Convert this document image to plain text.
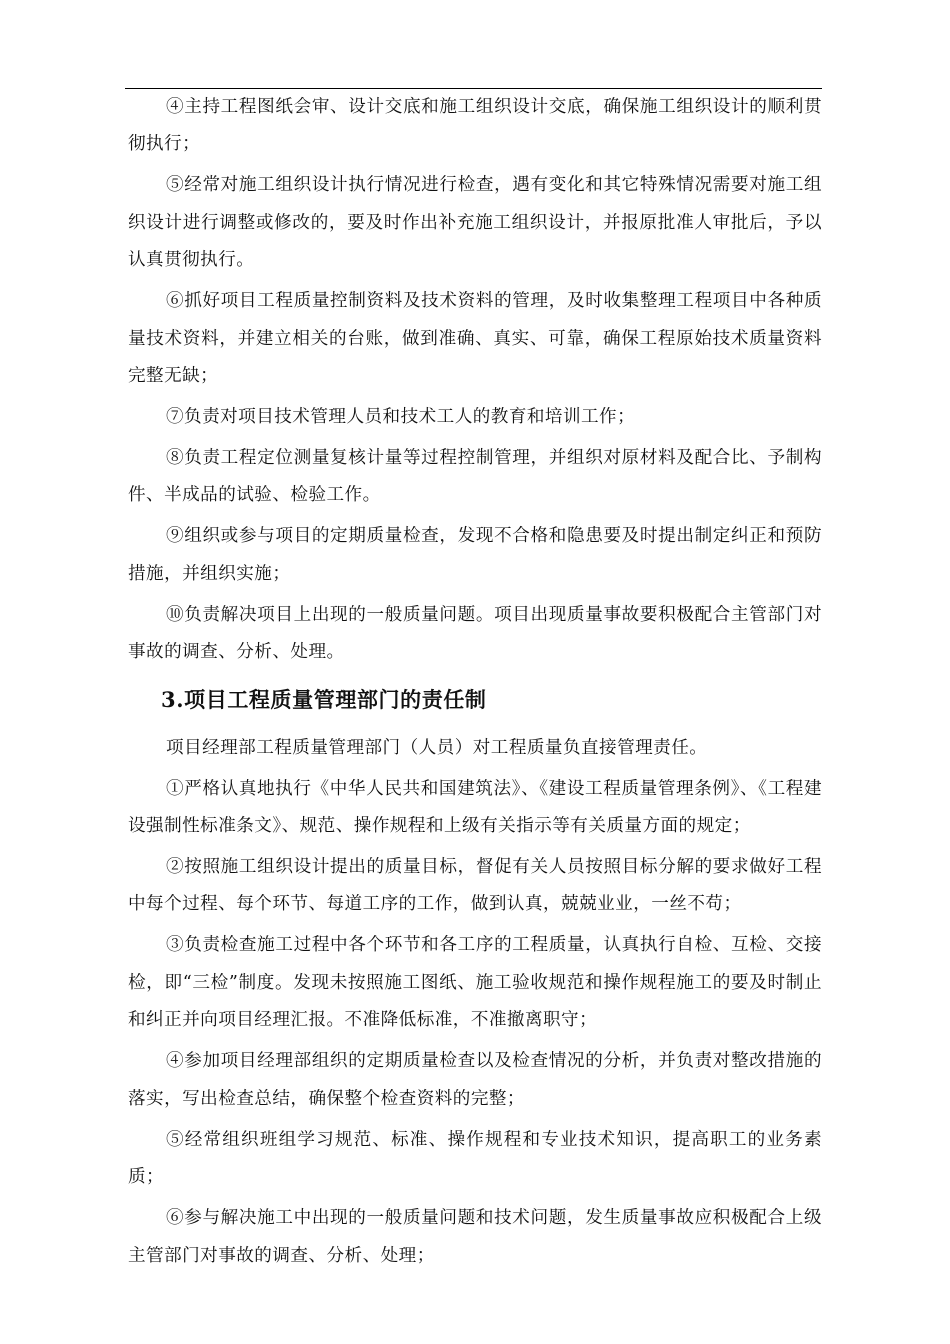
④主持工程图纸会审、设计交底和施工组织设计交底，确保施工组织设计的顺利贯彻执行；

⑤经常对施工组织设计执行情况进行检查，遇有变化和其它特殊情况需要对施工组织设计进行调整或修改的，要及时作出补充施工组织设计，并报原批准人审批后，予以认真贯彻执行。

⑥抓好项目工程质量控制资料及技术资料的管理，及时收集整理工程项目中各种质量技术资料，并建立相关的台账，做到准确、真实、可靠，确保工程原始技术质量资料完整无缺；

⑦负责对项目技术管理人员和技术工人的教育和培训工作；

⑧负责工程定位测量复核计量等过程控制管理，并组织对原材料及配合比、予制构件、半成品的试验、检验工作。

⑨组织或参与项目的定期质量检查，发现不合格和隐患要及时提出制定纠正和预防措施，并组织实施；

⑩负责解决项目上出现的一般质量问题。项目出现质量事故要积极配合主管部门对事故的调查、分析、处理。

3.项目工程质量管理部门的责任制

项目经理部工程质量管理部门（人员）对工程质量负直接管理责任。

①严格认真地执行《中华人民共和国建筑法》、《建设工程质量管理条例》、《工程建设强制性标准条文》、规范、操作规程和上级有关指示等有关质量方面的规定；

②按照施工组织设计提出的质量目标，督促有关人员按照目标分解的要求做好工程中每个过程、每个环节、每道工序的工作，做到认真，兢兢业业，一丝不苟；

③负责检查施工过程中各个环节和各工序的工程质量，认真执行自检、互检、交接检，即“三检”制度。发现未按照施工图纸、施工验收规范和操作规程施工的要及时制止和纠正并向项目经理汇报。不准降低标准，不准撤离职守；

④参加项目经理部组织的定期质量检查以及检查情况的分析，并负责对整改措施的落实，写出检查总结，确保整个检查资料的完整；

⑤经常组织班组学习规范、标准、操作规程和专业技术知识，提高职工的业务素质；

⑥参与解决施工中出现的一般质量问题和技术问题，发生质量事故应积极配合上级主管部门对事故的调查、分析、处理；
